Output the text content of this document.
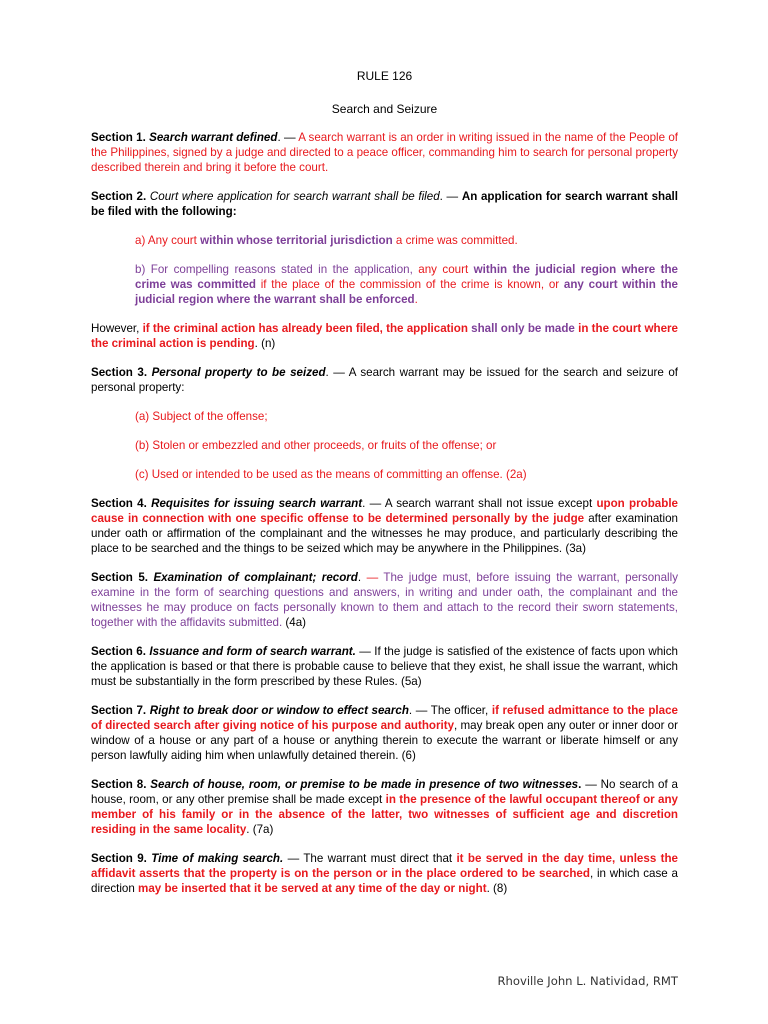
RULE 126

Search and Seizure

Section 1. Search warrant defined. — A search warrant is an order in writing issued in the name of the People of the Philippines, signed by a judge and directed to a peace officer, commanding him to search for personal property described therein and bring it before the court.

Section 2. Court where application for search warrant shall be filed. — An application for search warrant shall be filed with the following:

a) Any court within whose territorial jurisdiction a crime was committed.

b) For compelling reasons stated in the application, any court within the judicial region where the crime was committed if the place of the commission of the crime is known, or any court within the judicial region where the warrant shall be enforced.

However, if the criminal action has already been filed, the application shall only be made in the court where the criminal action is pending. (n)

Section 3. Personal property to be seized. — A search warrant may be issued for the search and seizure of personal property:

(a) Subject of the offense;

(b) Stolen or embezzled and other proceeds, or fruits of the offense; or

(c) Used or intended to be used as the means of committing an offense. (2a)

Section 4. Requisites for issuing search warrant. — A search warrant shall not issue except upon probable cause in connection with one specific offense to be determined personally by the judge after examination under oath or affirmation of the complainant and the witnesses he may produce, and particularly describing the place to be searched and the things to be seized which may be anywhere in the Philippines. (3a)

Section 5. Examination of complainant; record. — The judge must, before issuing the warrant, personally examine in the form of searching questions and answers, in writing and under oath, the complainant and the witnesses he may produce on facts personally known to them and attach to the record their sworn statements, together with the affidavits submitted. (4a)

Section 6. Issuance and form of search warrant. — If the judge is satisfied of the existence of facts upon which the application is based or that there is probable cause to believe that they exist, he shall issue the warrant, which must be substantially in the form prescribed by these Rules. (5a)

Section 7. Right to break door or window to effect search. — The officer, if refused admittance to the place of directed search after giving notice of his purpose and authority, may break open any outer or inner door or window of a house or any part of a house or anything therein to execute the warrant or liberate himself or any person lawfully aiding him when unlawfully detained therein. (6)

Section 8. Search of house, room, or premise to be made in presence of two witnesses. — No search of a house, room, or any other premise shall be made except in the presence of the lawful occupant thereof or any member of his family or in the absence of the latter, two witnesses of sufficient age and discretion residing in the same locality. (7a)

Section 9. Time of making search. — The warrant must direct that it be served in the day time, unless the affidavit asserts that the property is on the person or in the place ordered to be searched, in which case a direction may be inserted that it be served at any time of the day or night. (8)

Rhoville John L. Natividad, RMT
